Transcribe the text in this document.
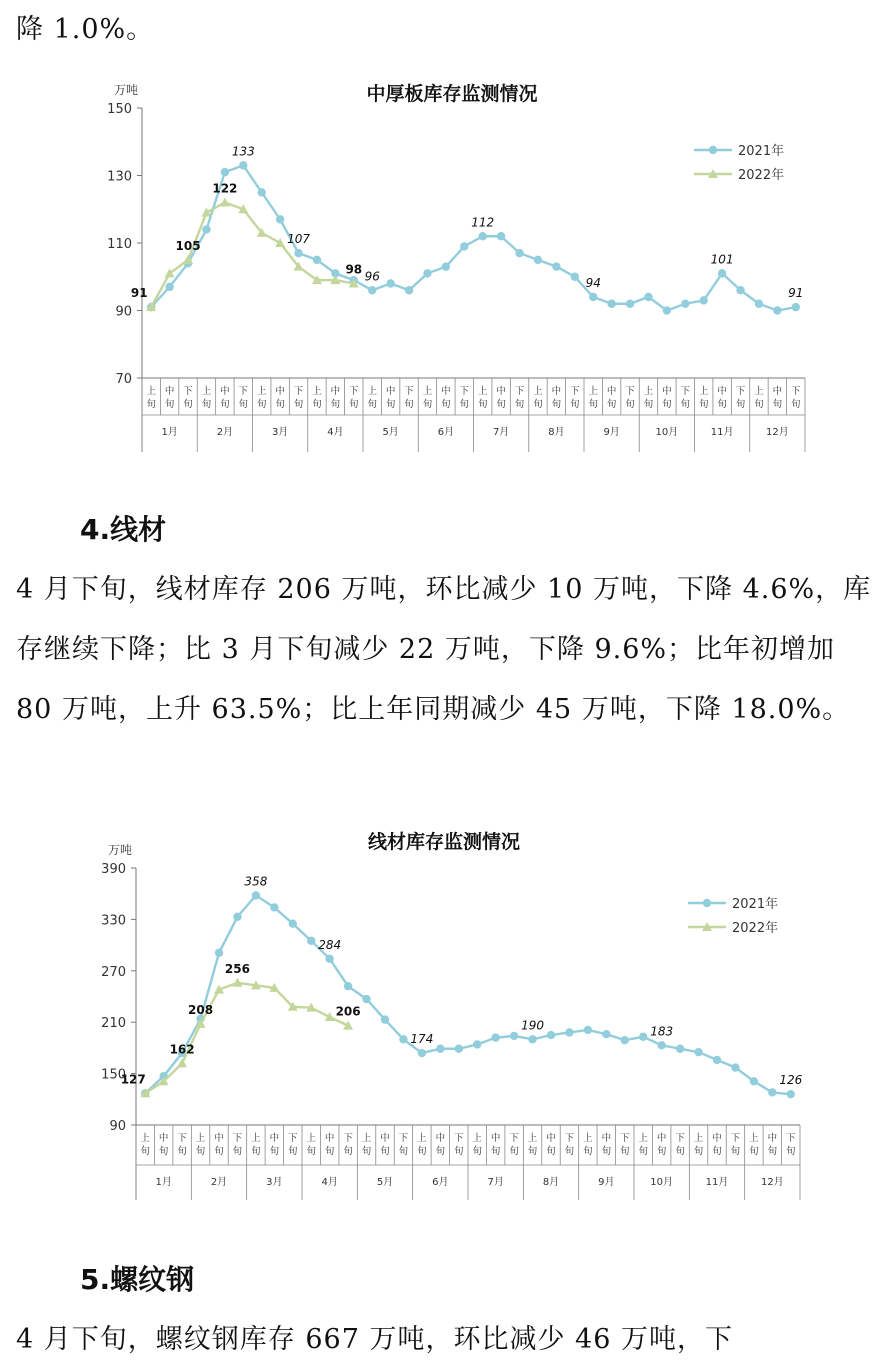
降 1.0%。
中厚板库存监测情况
万吨
70
90
110
130
150
上
旬
中
旬
下
旬
上
旬
中
旬
下
旬
上
旬
中
旬
下
旬
上
旬
中
旬
下
旬
上
旬
中
旬
下
旬
上
旬
中
旬
下
旬
上
旬
中
旬
下
旬
上
旬
中
旬
下
旬
上
旬
中
旬
下
旬
上
旬
中
旬
下
旬
上
旬
中
旬
下
旬
上
旬
中
旬
下
旬
1月	2月	3月	4月	5月	6月	7月	8月	9月	10月	11月	12月
133
107
96
112
94
101
91
91
105
122
98
2021年
2022年
4.线材
4 月下旬，线材库存 206 万吨，环比减少 10 万吨，下降 4.6%，库存继续下降；比 3 月下旬减少 22 万吨，下降 9.6%；比年初增加 80 万吨，上升 63.5%；比上年同期减少 45 万吨，下降 18.0%。
线材库存监测情况
万吨
90
150
210
270
330
390
上
旬
中
旬
下
旬
上
旬
中
旬
下
旬
上
旬
中
旬
下
旬
上
旬
中
旬
下
旬
上
旬
中
旬
下
旬
上
旬
中
旬
下
旬
上
旬
中
旬
下
旬
上
旬
中
旬
下
旬
上
旬
中
旬
下
旬
上
旬
中
旬
下
旬
上
旬
中
旬
下
旬
上
旬
中
旬
下
旬
1月	2月	3月	4月	5月	6月	7月	8月	9月	10月	11月	12月
358
284
174
190	183
126
127
162
208
256
206
2021年
2022年
5.螺纹钢
4 月下旬，螺纹钢库存 667 万吨，环比减少 46 万吨，下
